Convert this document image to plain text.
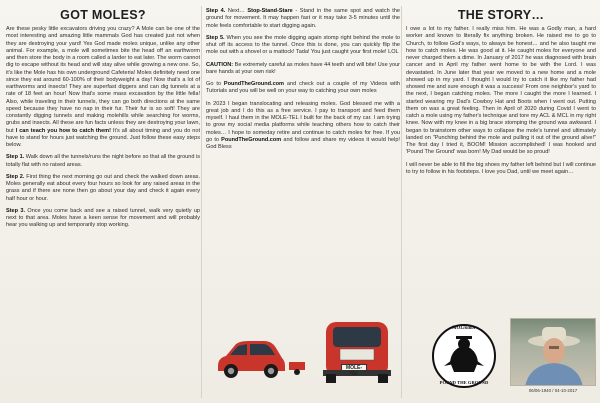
GOT MOLES?

Are these pesky little excavators driving you crazy? A Mole can be one of the most interesting and amazing little mammals God has created just not when they are destroying your yard! Yes God made moles unique, unlike any other animal. For example, a mole will sometimes bite the head off an earthworm and then store the body in a room called a larder to eat later. The worm cannot dig to escape without its head and will stay alive while growing a new one. So, it's like the Mole has his own underground Cafeteria! Moles definitely need one since they eat around 60-100% of their bodyweight a day! Now that's a lot of earthworms and insects! They are superfast diggers and can dig tunnels at a rate of 18 feet an hour! Now that's some mass excavation by the little fella! Also, while traveling in their tunnels, they can go both directions at the same speed because they have no nap in their fur. Their fur is so soft! They are constantly digging tunnels and making molehills while searching for worms, grubs and insects. All these are fun facts unless they are destroying your lawn, but I can teach you how to catch them! It's all about timing and you do not have to stand for hours just watching the ground. Just follow these easy steps below.

Step 1. Walk down all the tunnels/runs the night before so that all the ground is totally flat with no raised areas.

Step 2. First thing the next morning go out and check the walked down areas. Moles generally eat about every four hours so look for any raised areas in the grass and if there are none then go about your day and check it again every half hour or hour.

Step 3. Once you come back and see a raised tunnel, walk very quietly up next to that area. Moles have a keen sense for movement and will probably hear you walking up and temporarily stop working.

Step 4. Next… Stop-Stand-Stare - Stand in the same spot and watch the ground for movement. It may happen fast or it may take 3-5 minutes until the mole feels comfortable to start digging again.

Step 5. When you see the mole digging again stomp right behind the mole to shut off its access to the tunnel. Once this is done, you can quickly flip the mole out with a shovel or a mattock! Tada! You just caught your first mole! LOL

CAUTION: Be extremely careful as moles have 44 teeth and will bite! Use your bare hands at your own risk!

Go to PoundTheGround.com and check out a couple of my Videos with Tutorials and you will be well on your way to catching your own moles

In 2023 I began translocating and releasing moles. God blessed me with a great job and I do this as a free service. I pay to transport and feed them myself. I haul them in the MOLE-TEL I built for the back of my car. I am trying to grow my social media platforms while teaching others how to catch their moles… I hope to someday retire and continue to catch moles for free. If you go to PoundTheGround.com and follow and share my videos it would help! God Bless

MOLE-TEL
THE STORY…

I owe a lot to my father. I really miss him. He was a Godly man, a hard worker and known to literally fix anything broken. He raised me to go to Church, to follow God's ways, to always be honest… and he also taught me how to catch moles. He was good at it. He caught moles for everyone and never charged them a dime. In January of 2017 he was diagnosed with brain cancer and in April my father went home to be with the Lord. I was devastated. In June later that year we moved to a new home and a mole showed up in my yard. I thought I would try to catch it like my father had showed me and sure enough it was a success! From one neighbor's yard to the next, I began catching moles. The more I caught the more I learned. I started wearing my Dad's Cowboy Hat and Boots when I went out. Putting them on was a great feeling. Then in April of 2020 during Covid I went to catch a mole using my father's technique and tore my ACL & MCL in my right knee. Now with my knee in a big brace stomping the ground was awkward. I began to brainstorm other ways to collapse the mole's tunnel and ultimately landed on "Punching behind the mole and pulling it out of the ground alive!" The first day I tried it, BOOM! Mission accomplished! I was hooked and 'Pound The Ground' was born! My Dad would be so proud!

I will never be able to fill the big shoes my father left behind but I will continue to try to follow in his footsteps. I love you Dad, until we meet again…

MOLinator
POUND THE GROUND
06/06-1940 / 04-10-2017
